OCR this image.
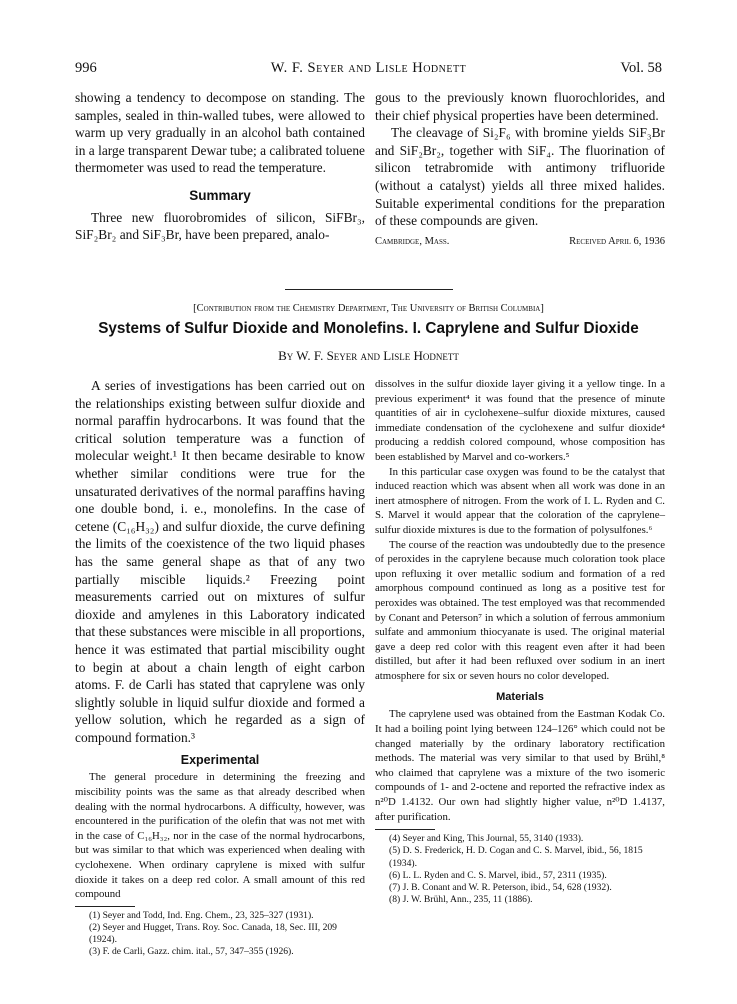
996	W. F. Seyer and Lisle Hodnett	Vol. 58

showing a tendency to decompose on standing. The samples, sealed in thin-walled tubes, were allowed to warm up very gradually in an alcohol bath contained in a large transparent Dewar tube; a calibrated toluene thermometer was used to read the temperature.

Summary

Three new fluorobromides of silicon, SiFBr₃, SiF₂Br₂ and SiF₃Br, have been prepared, analo-

gous to the previously known fluorochlorides, and their chief physical properties have been determined.

The cleavage of Si₂F₆ with bromine yields SiF₃Br and SiF₂Br₂, together with SiF₄. The fluorination of silicon tetrabromide with antimony trifluoride (without a catalyst) yields all three mixed halides. Suitable experimental conditions for the preparation of these compounds are given.

Cambridge, Mass.	Received April 6, 1936
[Contribution from the Chemistry Department, The University of British Columbia]
Systems of Sulfur Dioxide and Monolefins. I. Caprylene and Sulfur Dioxide
By W. F. Seyer and Lisle Hodnett

A series of investigations has been carried out on the relationships existing between sulfur dioxide and normal paraffin hydrocarbons. It was found that the critical solution temperature was a function of molecular weight.¹ It then became desirable to know whether similar conditions were true for the unsaturated derivatives of the normal paraffins having one double bond, i. e., monolefins. In the case of cetene (C₁₆H₃₂) and sulfur dioxide, the curve defining the limits of the coexistence of the two liquid phases has the same general shape as that of any two partially miscible liquids.² Freezing point measurements carried out on mixtures of sulfur dioxide and amylenes in this Laboratory indicated that these substances were miscible in all proportions, hence it was estimated that partial miscibility ought to begin at about a chain length of eight carbon atoms. F. de Carli has stated that caprylene was only slightly soluble in liquid sulfur dioxide and formed a yellow solution, which he regarded as a sign of compound formation.³

Experimental

The general procedure in determining the freezing and miscibility points was the same as that already described when dealing with the normal hydrocarbons. A difficulty, however, was encountered in the purification of the olefin that was not met with in the case of C₁₆H₃₂, nor in the case of the normal hydrocarbons, but was similar to that which was experienced when dealing with cyclohexene. When ordinary caprylene is mixed with sulfur dioxide it takes on a deep red color. A small amount of this red compound

(1) Seyer and Todd, Ind. Eng. Chem., 23, 325–327 (1931).
(2) Seyer and Hugget, Trans. Roy. Soc. Canada, 18, Sec. III, 209 (1924).
(3) F. de Carli, Gazz. chim. ital., 57, 347–355 (1926).

dissolves in the sulfur dioxide layer giving it a yellow tinge. In a previous experiment⁴ it was found that the presence of minute quantities of air in cyclohexene–sulfur dioxide mixtures, caused immediate condensation of the cyclohexene and sulfur dioxide⁴ producing a reddish colored compound, whose composition has been established by Marvel and co-workers.⁵

In this particular case oxygen was found to be the catalyst that induced reaction which was absent when all work was done in an inert atmosphere of nitrogen. From the work of I. L. Ryden and C. S. Marvel it would appear that the coloration of the caprylene–sulfur dioxide mixtures is due to the formation of polysulfones.⁶

The course of the reaction was undoubtedly due to the presence of peroxides in the caprylene because much coloration took place upon refluxing it over metallic sodium and formation of a red amorphous compound continued as long as a positive test for peroxides was obtained. The test employed was that recommended by Conant and Peterson⁷ in which a solution of ferrous ammonium sulfate and ammonium thiocyanate is used. The original material gave a deep red color with this reagent even after it had been distilled, but after it had been refluxed over sodium in an inert atmosphere for six or seven hours no color developed.

Materials

The caprylene used was obtained from the Eastman Kodak Co. It had a boiling point lying between 124–126° which could not be changed materially by the ordinary laboratory rectification methods. The material was very similar to that used by Brühl,⁸ who claimed that caprylene was a mixture of the two isomeric compounds of 1- and 2-octene and reported the refractive index as n²⁰D 1.4132. Our own had slightly higher value, n²⁰D 1.4137, after purification.

(4) Seyer and King, This Journal, 55, 3140 (1933).
(5) D. S. Frederick, H. D. Cogan and C. S. Marvel, ibid., 56, 1815 (1934).
(6) L. L. Ryden and C. S. Marvel, ibid., 57, 2311 (1935).
(7) J. B. Conant and W. R. Peterson, ibid., 54, 628 (1932).
(8) J. W. Brühl, Ann., 235, 11 (1886).
